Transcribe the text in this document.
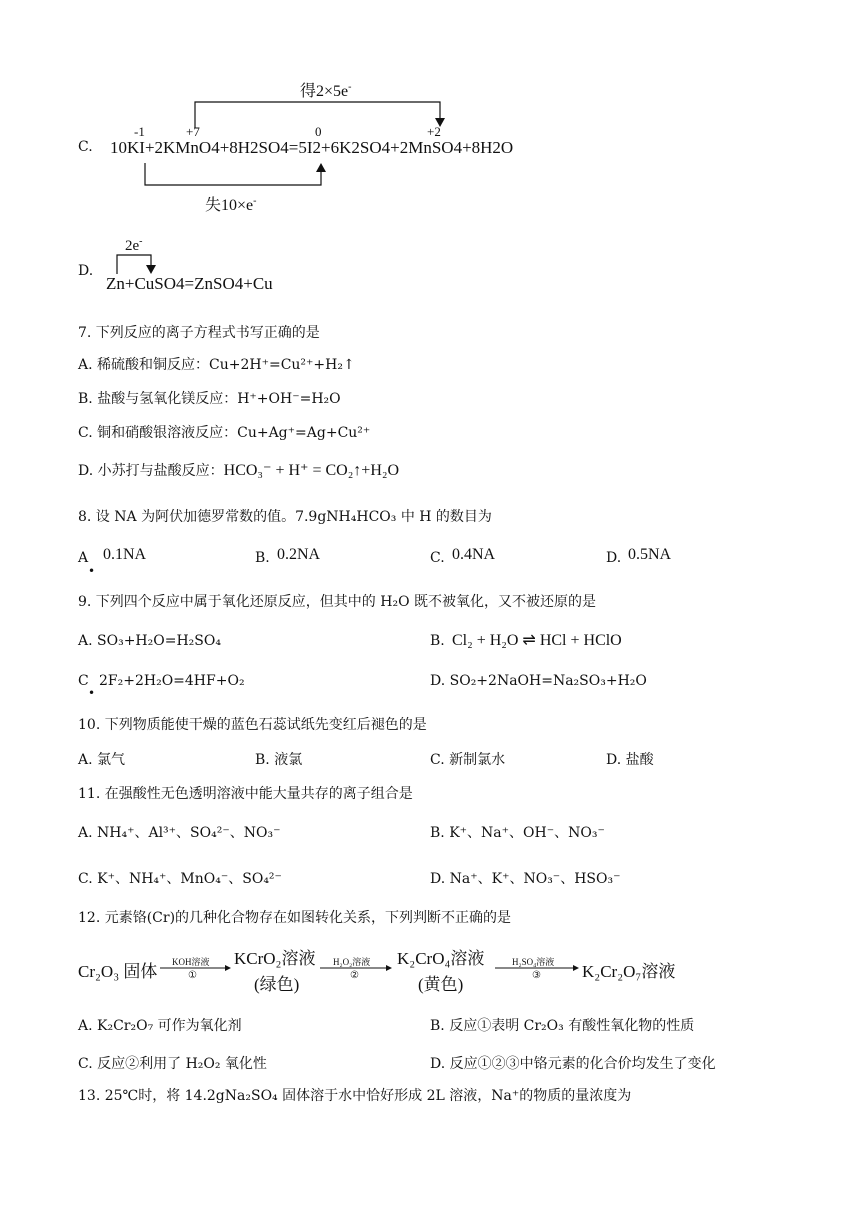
得2×5e-
-1	+7	0	+2
C. 10KI+2KMnO4+8H2SO4=5I2+6K2SO4+2MnSO4+8H2O
失10×e-
2e-
D.
Zn+CuSO4=ZnSO4+Cu
7. 下列反应的离子方程式书写正确的是
A. 稀硫酸和铜反应：Cu+2H⁺=Cu²⁺+H₂↑
B. 盐酸与氢氧化镁反应：H⁺+OH⁻=H₂O
C. 铜和硝酸银溶液反应：Cu+Ag⁺=Ag+Cu²⁺
D. 小苏打与盐酸反应：HCO₃⁻ + H⁺ = CO₂↑+H₂O
8. 设 NA 为阿伏加德罗常数的值。7.9gNH₄HCO₃ 中 H 的数目为
A
•
0.1NA	B. 0.2NA	C. 0.4NA	D. 0.5NA
9. 下列四个反应中属于氧化还原反应，但其中的 H₂O 既不被氧化，又不被还原的是
A. SO₃+H₂O=H₂SO₄	B. Cl₂ + H₂O ⇌ HCl + HClO
C
•
2F₂+2H₂O=4HF+O₂	D. SO₂+2NaOH=Na₂SO₃+H₂O
10. 下列物质能使干燥的蓝色石蕊试纸先变红后褪色的是
A. 氯气	B. 液氯	C. 新制氯水	D. 盐酸
11. 在强酸性无色透明溶液中能大量共存的离子组合是
A. NH₄⁺、Al³⁺、SO₄²⁻、NO₃⁻	B. K⁺、Na⁺、OH⁻、NO₃⁻
C. K⁺、NH₄⁺、MnO₄⁻、SO₄²⁻	D. Na⁺、K⁺、NO₃⁻、HSO₃⁻
12. 元素铬(Cr)的几种化合物存在如图转化关系，下列判断不正确的是
Cr₂O₃ 固体 KOH溶液
①
KCrO₂溶液
(绿色)
H₂O₂溶液
②
K₂CrO₄溶液
(黄色)
H₂SO₄溶液
③ K₂Cr₂O₇溶液
A. K₂Cr₂O₇ 可作为氧化剂	B. 反应①表明 Cr₂O₃ 有酸性氧化物的性质
C. 反应②利用了 H₂O₂ 氧化性	D. 反应①②③中铬元素的化合价均发生了变化
13. 25℃时，将 14.2gNa₂SO₄ 固体溶于水中恰好形成 2L 溶液，Na⁺的物质的量浓度为
